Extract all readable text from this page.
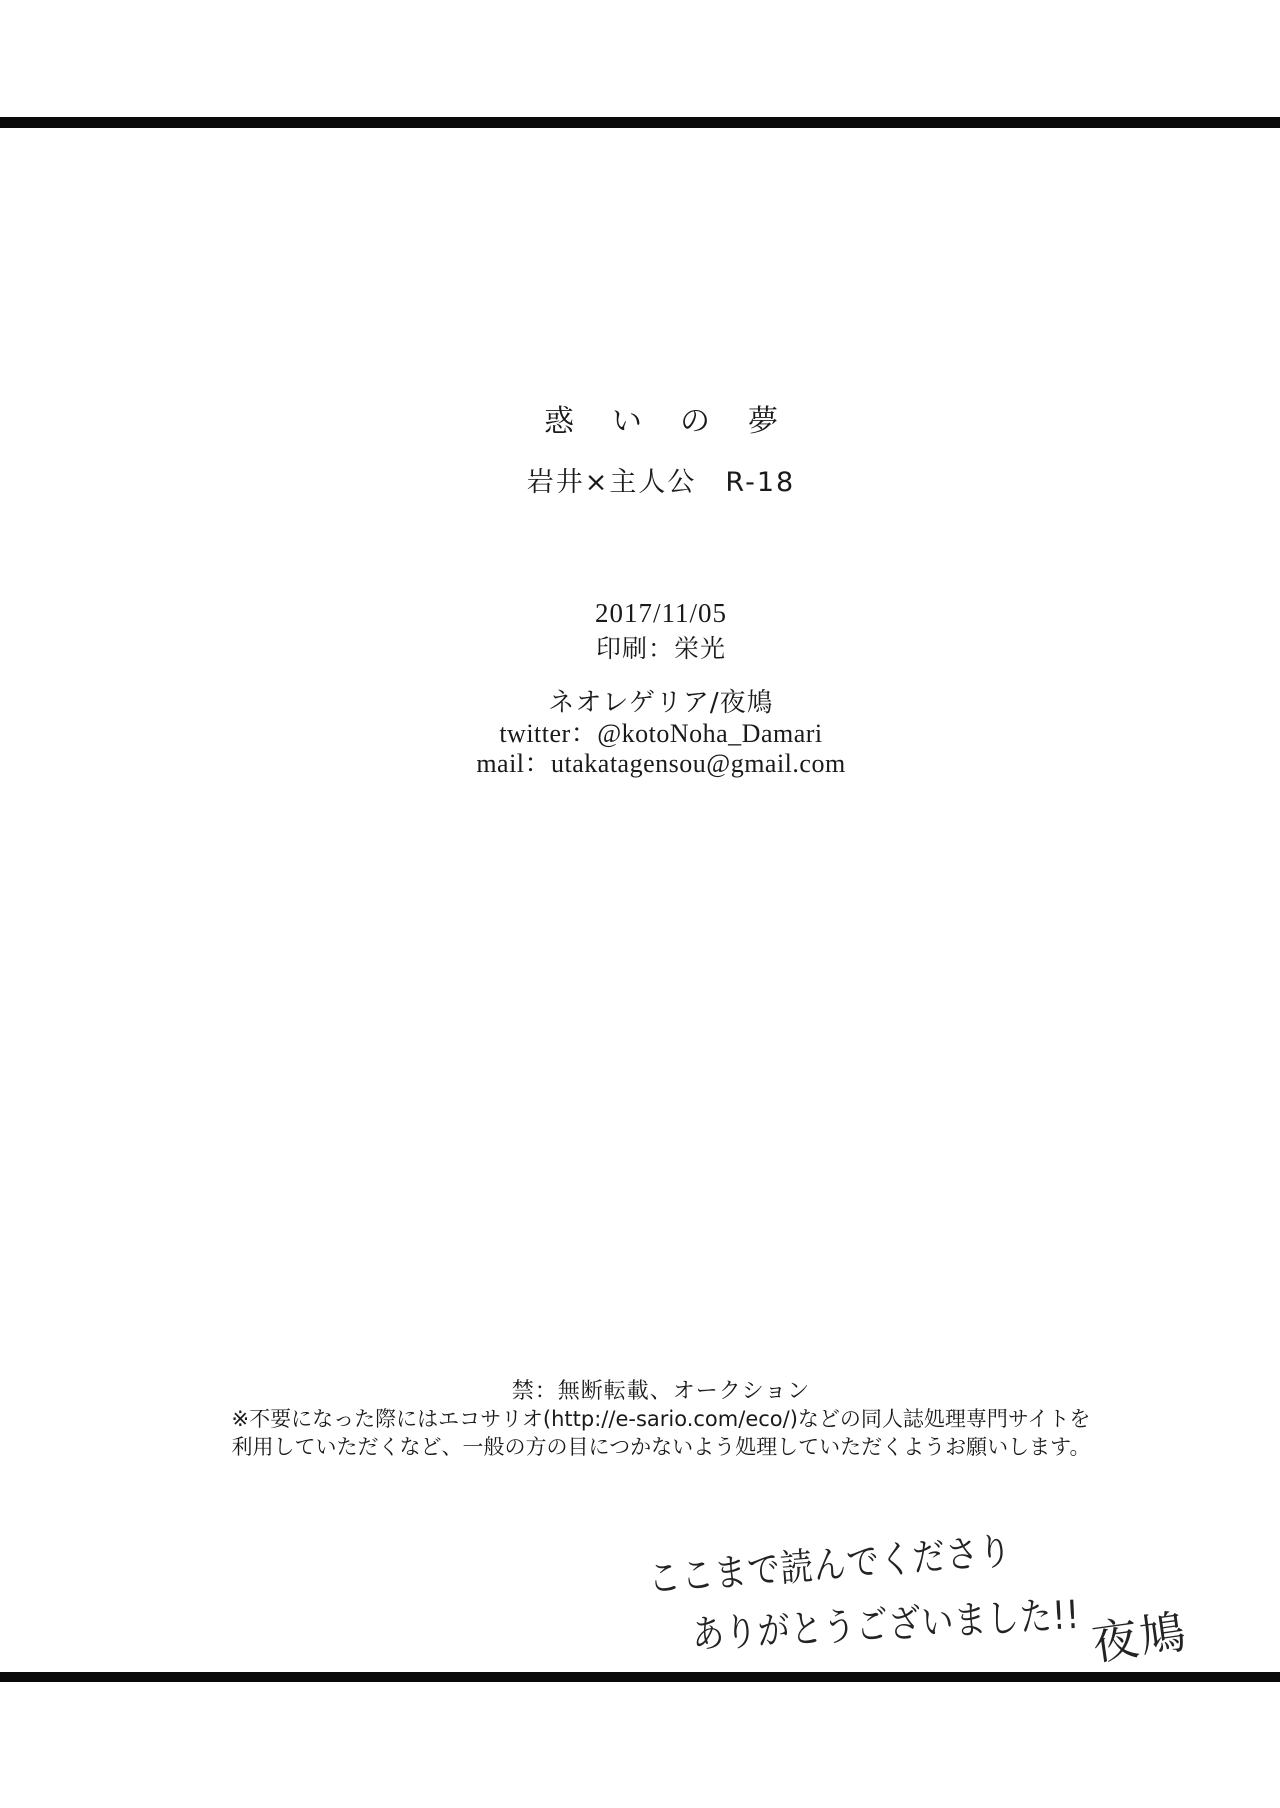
惑いの夢
岩井×主人公　R-18
2017/11/05
印刷：栄光
ネオレゲリア/夜鳩
twitter：@kotoNoha_Damari
mail：utakatagensou@gmail.com
禁：無断転載、オークション
※不要になった際にはエコサリオ(http://e-sario.com/eco/)などの同人誌処理専門サイトを
利用していただくなど、一般の方の目につかないよう処理していただくようお願いします。
ここまで読んでくださり
ありがとうございました!! 夜鳩
